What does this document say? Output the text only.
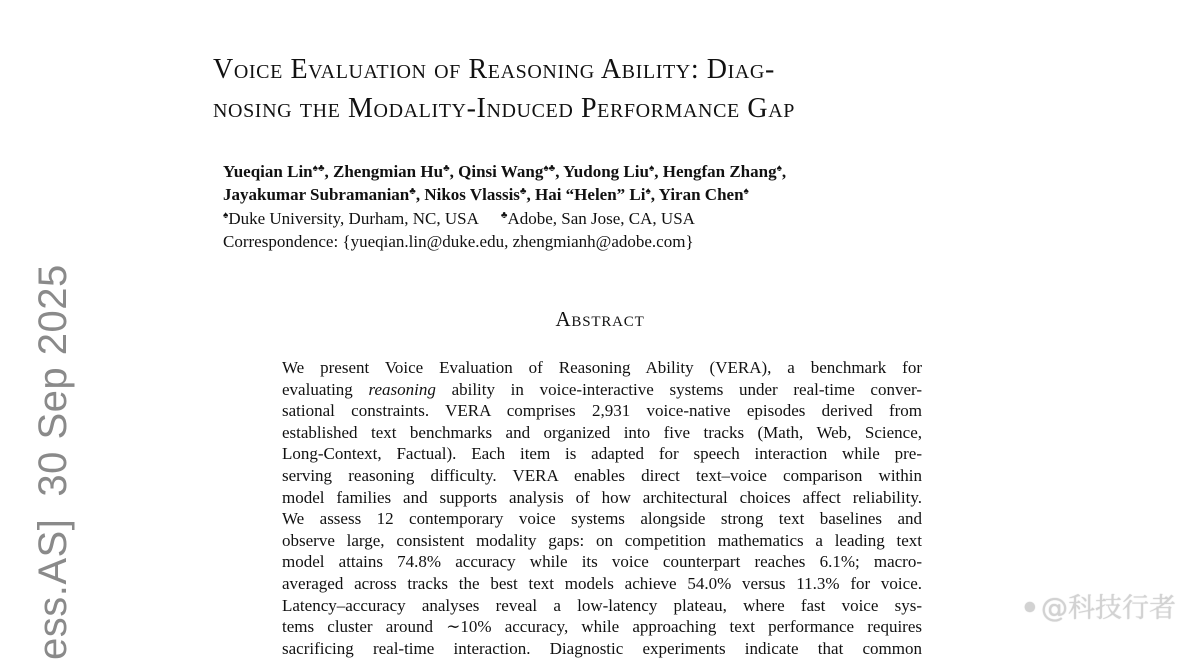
Voice Evaluation of Reasoning Ability: Diag-
nosing the Modality-Induced Performance Gap
Yueqian Lin♠♣, Zhengmian Hu♣, Qinsi Wang♠♣, Yudong Liu♠, Hengfan Zhang♠,
Jayakumar Subramanian♣, Nikos Vlassis♣, Hai “Helen” Li♠, Yiran Chen♠
♠Duke University, Durham, NC, USA ♣Adobe, San Jose, CA, USA
Correspondence: {yueqian.lin@duke.edu, zhengmianh@adobe.com}
Abstract
We present Voice Evaluation of Reasoning Ability (VERA), a benchmark for
evaluating reasoning ability in voice-interactive systems under real-time conver-
sational constraints. VERA comprises 2,931 voice-native episodes derived from
established text benchmarks and organized into five tracks (Math, Web, Science,
Long-Context, Factual). Each item is adapted for speech interaction while pre-
serving reasoning difficulty. VERA enables direct text–voice comparison within
model families and supports analysis of how architectural choices affect reliability.
We assess 12 contemporary voice systems alongside strong text baselines and
observe large, consistent modality gaps: on competition mathematics a leading text
model attains 74.8% accuracy while its voice counterpart reaches 6.1%; macro-
averaged across tracks the best text models achieve 54.0% versus 11.3% for voice.
Latency–accuracy analyses reveal a low-latency plateau, where fast voice sys-
tems cluster around ∼10% accuracy, while approaching text performance requires
sacrificing real-time interaction. Diagnostic experiments indicate that common
ess.AS]30 Sep 2025
⚫@科技行者
